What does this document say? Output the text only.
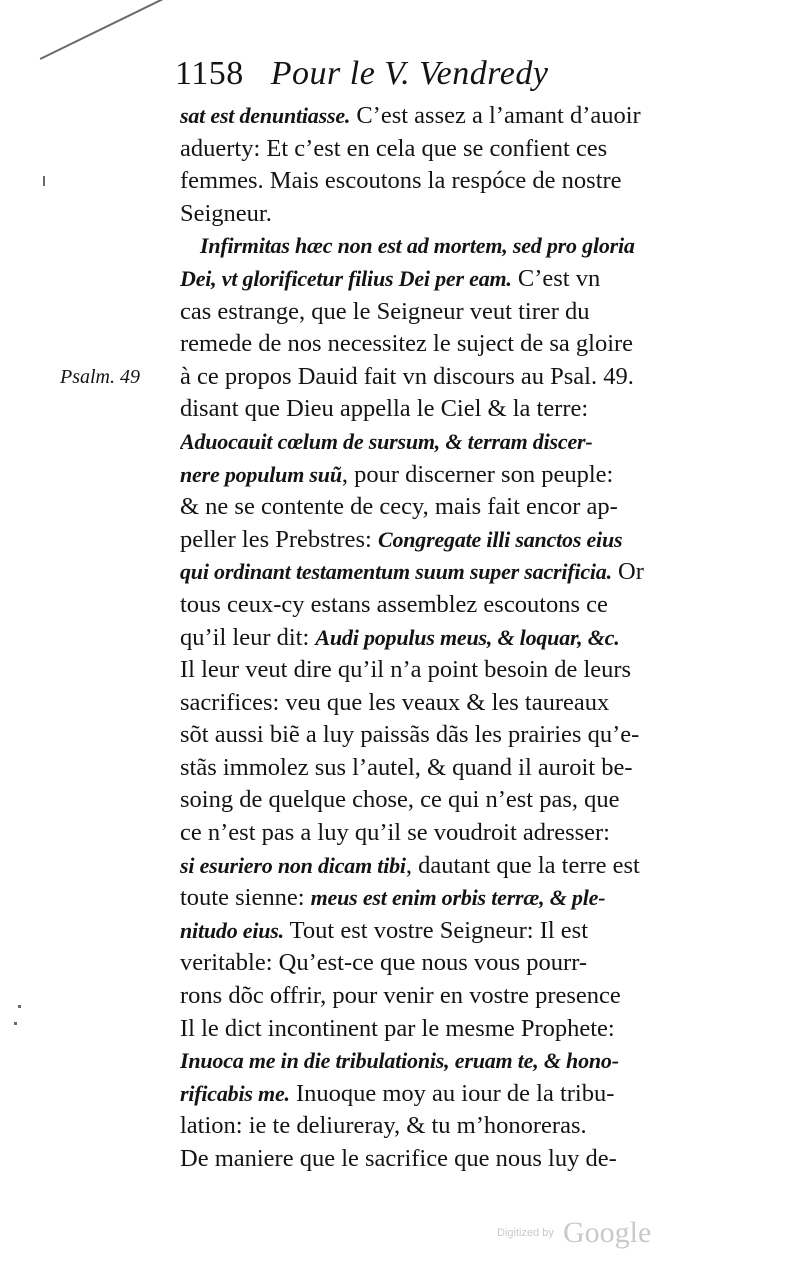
1158 Pour le V. Vendredy
Psalm. 49
sat est denuntiasse. C’est assez a l’amant d’auoir
aduerty: Et c’est en cela que se confient ces
femmes. Mais escoutons la respóce de nostre
Seigneur.
Infirmitas hæc non est ad mortem, sed pro gloria
Dei, vt glorificetur filius Dei per eam. C’est vn
cas estrange, que le Seigneur veut tirer du
remede de nos necessitez le suject de sa gloire
à ce propos Dauid fait vn discours au Psal. 49.
disant que Dieu appella le Ciel & la terre:
Aduocauit cœlum de sursum, & terram discer-
nere populum suũ, pour discerner son peuple:
& ne se contente de cecy, mais fait encor ap-
peller les Prebstres: Congregate illi sanctos eius
qui ordinant testamentum suum super sacrificia. Or
tous ceux-cy estans assemblez escoutons ce
qu’il leur dit: Audi populus meus, & loquar, &c.
Il leur veut dire qu’il n’a point besoin de leurs
sacrifices: veu que les veaux & les taureaux
sõt aussi biẽ a luy paissãs dãs les prairies qu’e-
stãs immolez sus l’autel, & quand il auroit be-
soing de quelque chose, ce qui n’est pas, que
ce n’est pas a luy qu’il se voudroit adresser:
si esuriero non dicam tibi, dautant que la terre est
toute sienne: meus est enim orbis terræ, & ple-
nitudo eius. Tout est vostre Seigneur: Il est
veritable: Qu’est-ce que nous vous pourr-
rons dõc offrir, pour venir en vostre presence
Il le dict incontinent par le mesme Prophete:
Inuoca me in die tribulationis, eruam te, & hono-
rificabis me. Inuoque moy au iour de la tribu-
lation: ie te deliureray, & tu m’honoreras.
De maniere que le sacrifice que nous luy de-
Digitized by Google
